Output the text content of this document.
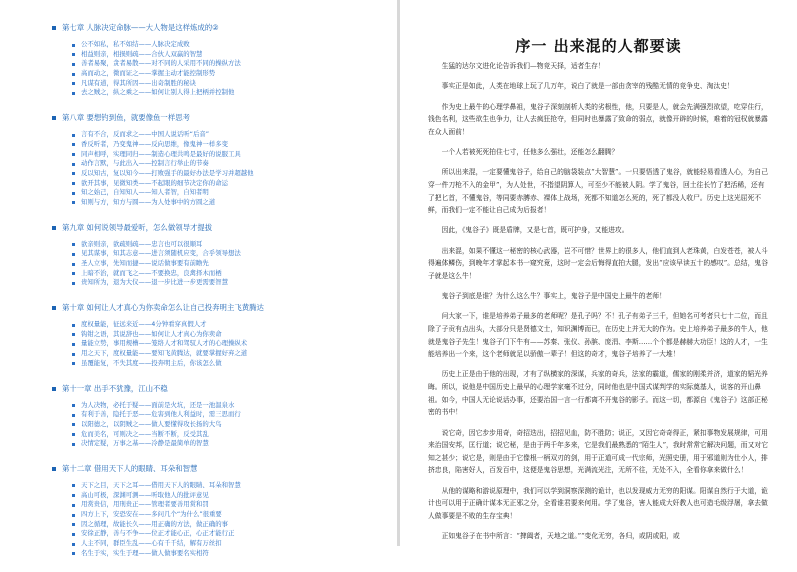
第七章 人脉决定命脉——大人物是这样炼成的②
公不如私，私不如结——人脉决定成败
相益则亲，相损则疏——合伙人双赢的智慧
善者易聚，贪者易散——对不同的人采用不同的操纵方法
高而动之，微而证之——掌握主动才能控制形势
凡谋有道，得其所因——出奇制胜的秘诀
去之贼之，纵之乘之——如何让别人得上把柄并控制他
第八章 要想钓到鱼，就要像鱼一样思考
言有不合，反而求之——中国人说话听“后音”
香反听者，乃变鬼神——反向思维，像鬼神一样多变
同声相呼，实理同归——制造心理共鸣是最好的说服工具
动作言默，与此出入——控制言行举止的节奏
反以知古，复以知今——打败强手的最好办法是学习并超越他
欲开其事，见微知类——不起眼的细节决定你的命运
知之始己，自知知人——知人者智，自知者明
知则与方，知方与圆——为人处事中的方圆之道
第九章 如何说领导最爱听，怎么做领导才提拔
欲亲则亲，欲疏则疏——忠言也可以很顺耳
见其谋事，知其志意——进言须随机应变，合乎领导想法
圣人立事，先知而捷——说话做事要有前瞻先
上暗不治，就而飞之——不要换忠，良禽择木而栖
贵知所为，退为大仪——退一步比进一步更需要智慧
第十章 如何让人才真心为你卖命怎么让自己投奔明主飞黄腾达
度权量能，征远来近——4分钟看穿真假人才
钩钳之语，其说辞也——如何让人才真心为你卖命
量能立势，事用规槽——笼络人才和驾驭人才的心理操纵术
用之天下，度权量能——要知飞黄腾达，就要掌握好弃之道
虽覆能复，不失其度——投奔明主后，你该怎么做
第十一章 出手不犹豫，江山不稳
为人决物，必托于疑——面前是火坑，还是一池温泉水
有利于善，隐托于恶——危害到他人利益时，需三思而行
以阳德之，以阴贼之——做人要懂得攻长扬的大鸟
危而美名，可则决之——当断不断，反受其乱
决情定疑，万事之基——冷静是最简单的智慧
第十二章 借用天下人的眼睛、耳朵和智慧
天下之目，天下之耳——借用天下人的眼睛、耳朵和智慧
高山可极，深渊可测——听取他人的批评意见
用赏贵信，用刑贵正——管理者要善用赏和罚
四方上下，安恐安在——多问几个“为什么”很重要
因之循理，故能长久——用正确的方法，做正确的事
安徐正静，善与不争——位正才能心正，心正才能行正
人主不同，群臣生乱——心有千千结，解有万丝扣
名生于实，实生于理——做人做事要名实相符
序一 出来混的人都要读

生猛的达尔文进化论告诉我们—物竞天择，适者生存！

事实正是如此，人类在地球上玩了几万年，说白了就是一部由贪宰的残酷无情的竞争史、淘汰史！

作为史上最牛的心理学鼻祖，鬼谷子深刻剖析人类的劣根性，他，只要是人，就会先满强烈欲望，吃穿住行，钱色名利，这些欲生也争力，让人去疯狂抢夺，但同时也暴露了致命的弱点，就像开辟的时候，难着的冠权就暴露在众人面前！

一个人若被死死拍住七寸，任他多么强壮，还能怎么翻腾？

所以出来混，一定要懂鬼谷子，给自己的脑袋装点“大智慧”。一只要悟透了鬼谷，就能轻易看透人心，为自己穿一件刀枪不入的金甲”，为人处世，不指望阴算人，可至少不能被人阴。学了鬼谷，回土往长竹了把活稀，还有了把匕首，不懂鬼谷，等同要赤膊赤、裸体上战场，死都不知道怎么死的，死了都没人收尸。历史上这光屈死不鲜，而我们一定不能让自己成为后报者！

因此，《鬼谷子》既是盾牌，又是七首，既可护身，又能进攻。

出来混，如果不懂这一秘密的核心武器，岂不可惜？世界上的很多人，他们直到人老珠黄，白发苍苍，被人斗得遍体鳞伤，到晚年才掌起本书一窥究竟，这时一定会后悔得直拍大腿，发出“应该早读五十的感叹”。总结，鬼谷子就是这么牛！

鬼谷子到底是谁？为什么这么牛？事实上，鬼谷子是中国史上最牛的老师！

问大家一下，谁是培养弟子最多的老师呢？是孔子吗？不！孔子有弟子三千，但她名可考者只七十二位，而且除了子贡有点出头，大部分只是贤德文士，知识渊博而已，在历史上并无大的作为。史上培养弟子最多的牛人，他就是鬼谷子先生！鬼谷子门下牛有——苏秦、张仪、孙膑、庞涓、李斯……个个都是赫赫大功臣！这的人才，一生能培养出一个来，这个老师就足以骄傲一辈子！但这的奇才，鬼谷子培养了一大堆！

历史上正是由于他的出现，才有了纵横家的深谋，兵家的奇兵，法家的霸道，儒家的刚柔并济，道家的韬光养晦。所以，说他是中国历史上最早的心理学家毫不过分，同时他也是中国式谋判学的实际奠基人，说客的开山鼻祖。如今，中国人无论说话办事，还要治国一言一行都离不开鬼谷的影子。而这一切，都源自《鬼谷子》这部正秘密的书中！

说它奇，因它步步用奇，奇招迭出，招招见血，防不胜防；说正，又因它奇奇得正，紧扣事物发展规律，可用来治国安邦，匡行道；说它秘，是由于两千年多来，它是我们最熟悉的“陌生人”，我时常常它解决问题，而又对它知之甚少；说它是，则是由于它像根一柄双刃的剑，用于正道可成一代宗师，光照史册，用于邪道则为仕小人，排挤忠良，陷害好人，百发百中，这便是鬼谷思想，光满流光注，无所不往，无处不入，全看你拿来做什么！

从他的谋略和游说原理中，我们可以学到洞察深测的诡计，也以发现威力无穷的阳谋。阳谋自然行于大道，诡计也可以用于正确计谋本无正邪之分，全看谁君要来何用。学了鬼谷，害人能成大奸教人也可造毛级浮屠，拿去做人做事要是不败的生存宝典！

正如鬼谷子在书中所言：“捭阖者，天地之道。”“变化无穷，各归，或阴或阳，或
